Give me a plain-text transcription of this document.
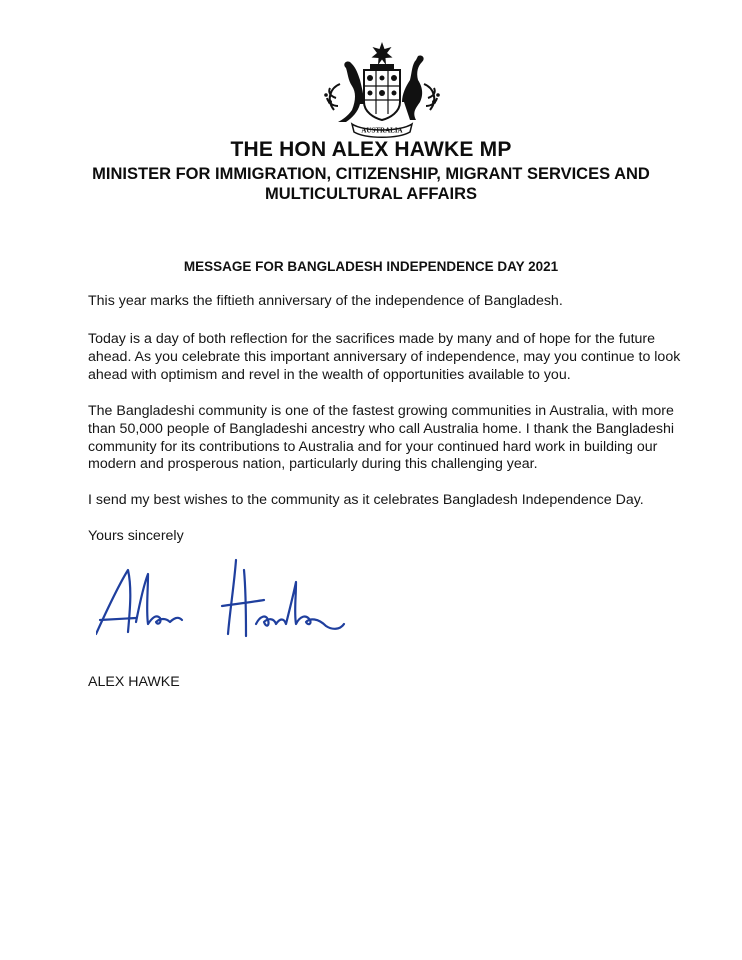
AUSTRALIA
THE HON ALEX HAWKE MP
MINISTER FOR IMMIGRATION, CITIZENSHIP, MIGRANT SERVICES AND MULTICULTURAL AFFAIRS
MESSAGE FOR BANGLADESH INDEPENDENCE DAY 2021
This year marks the fiftieth anniversary of the independence of Bangladesh.
Today is a day of both reflection for the sacrifices made by many and of hope for the future ahead. As you celebrate this important anniversary of independence, may you continue to look ahead with optimism and revel in the wealth of opportunities available to you.
The Bangladeshi community is one of the fastest growing communities in Australia, with more than 50,000 people of Bangladeshi ancestry who call Australia home. I thank the Bangladeshi community for its contributions to Australia and for your continued hard work in building our modern and prosperous nation, particularly during this challenging year.
I send my best wishes to the community as it celebrates Bangladesh Independence Day.
Yours sincerely
ALEX HAWKE
